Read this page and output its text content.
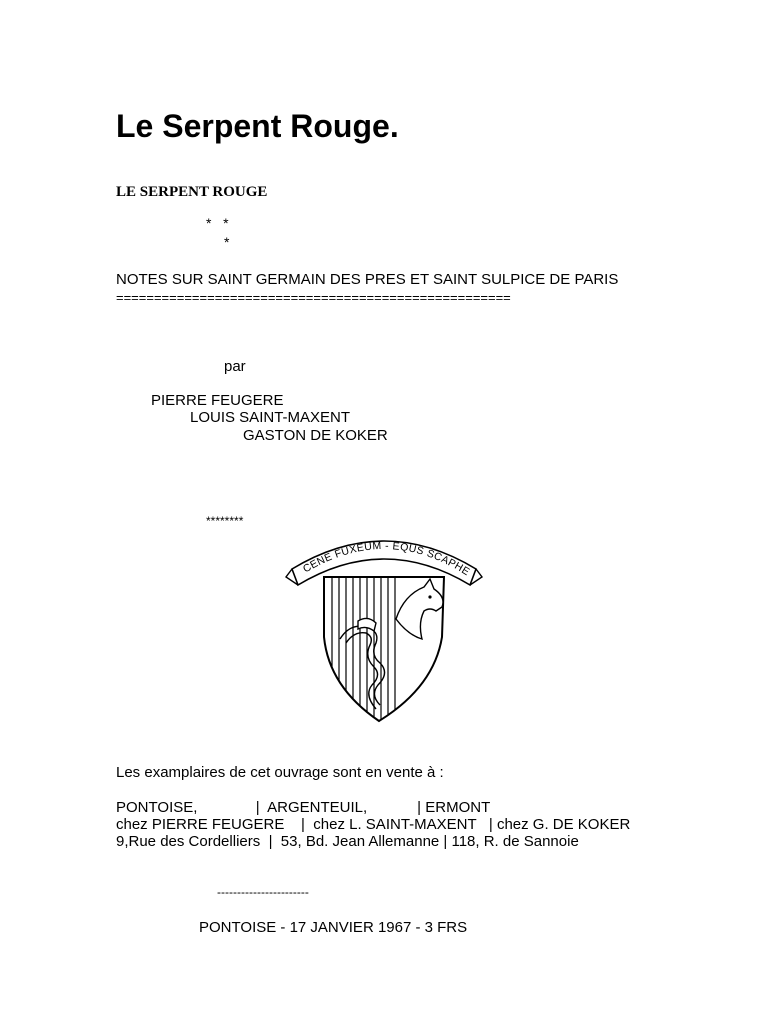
Le Serpent Rouge.
LE SERPENT ROUGE
*   *
*
NOTES SUR SAINT GERMAIN DES PRES ET SAINT SULPICE DE PARIS
====================================================
par
PIERRE FEUGERE
LOUIS SAINT-MAXENT
GASTON DE KOKER
********
CENE FUXEUM - EQUS SCAPHE
Les examplaires de cet ouvrage sont en vente à :
PONTOISE,              |  ARGENTEUIL,            | ERMONT
chez PIERRE FEUGERE    |  chez L. SAINT-MAXENT   | chez G. DE KOKER
9,Rue des Cordelliers  |  53, Bd. Jean Allemanne | 118, R. de Sannoie
-----------------------
PONTOISE - 17 JANVIER 1967 - 3 FRS
